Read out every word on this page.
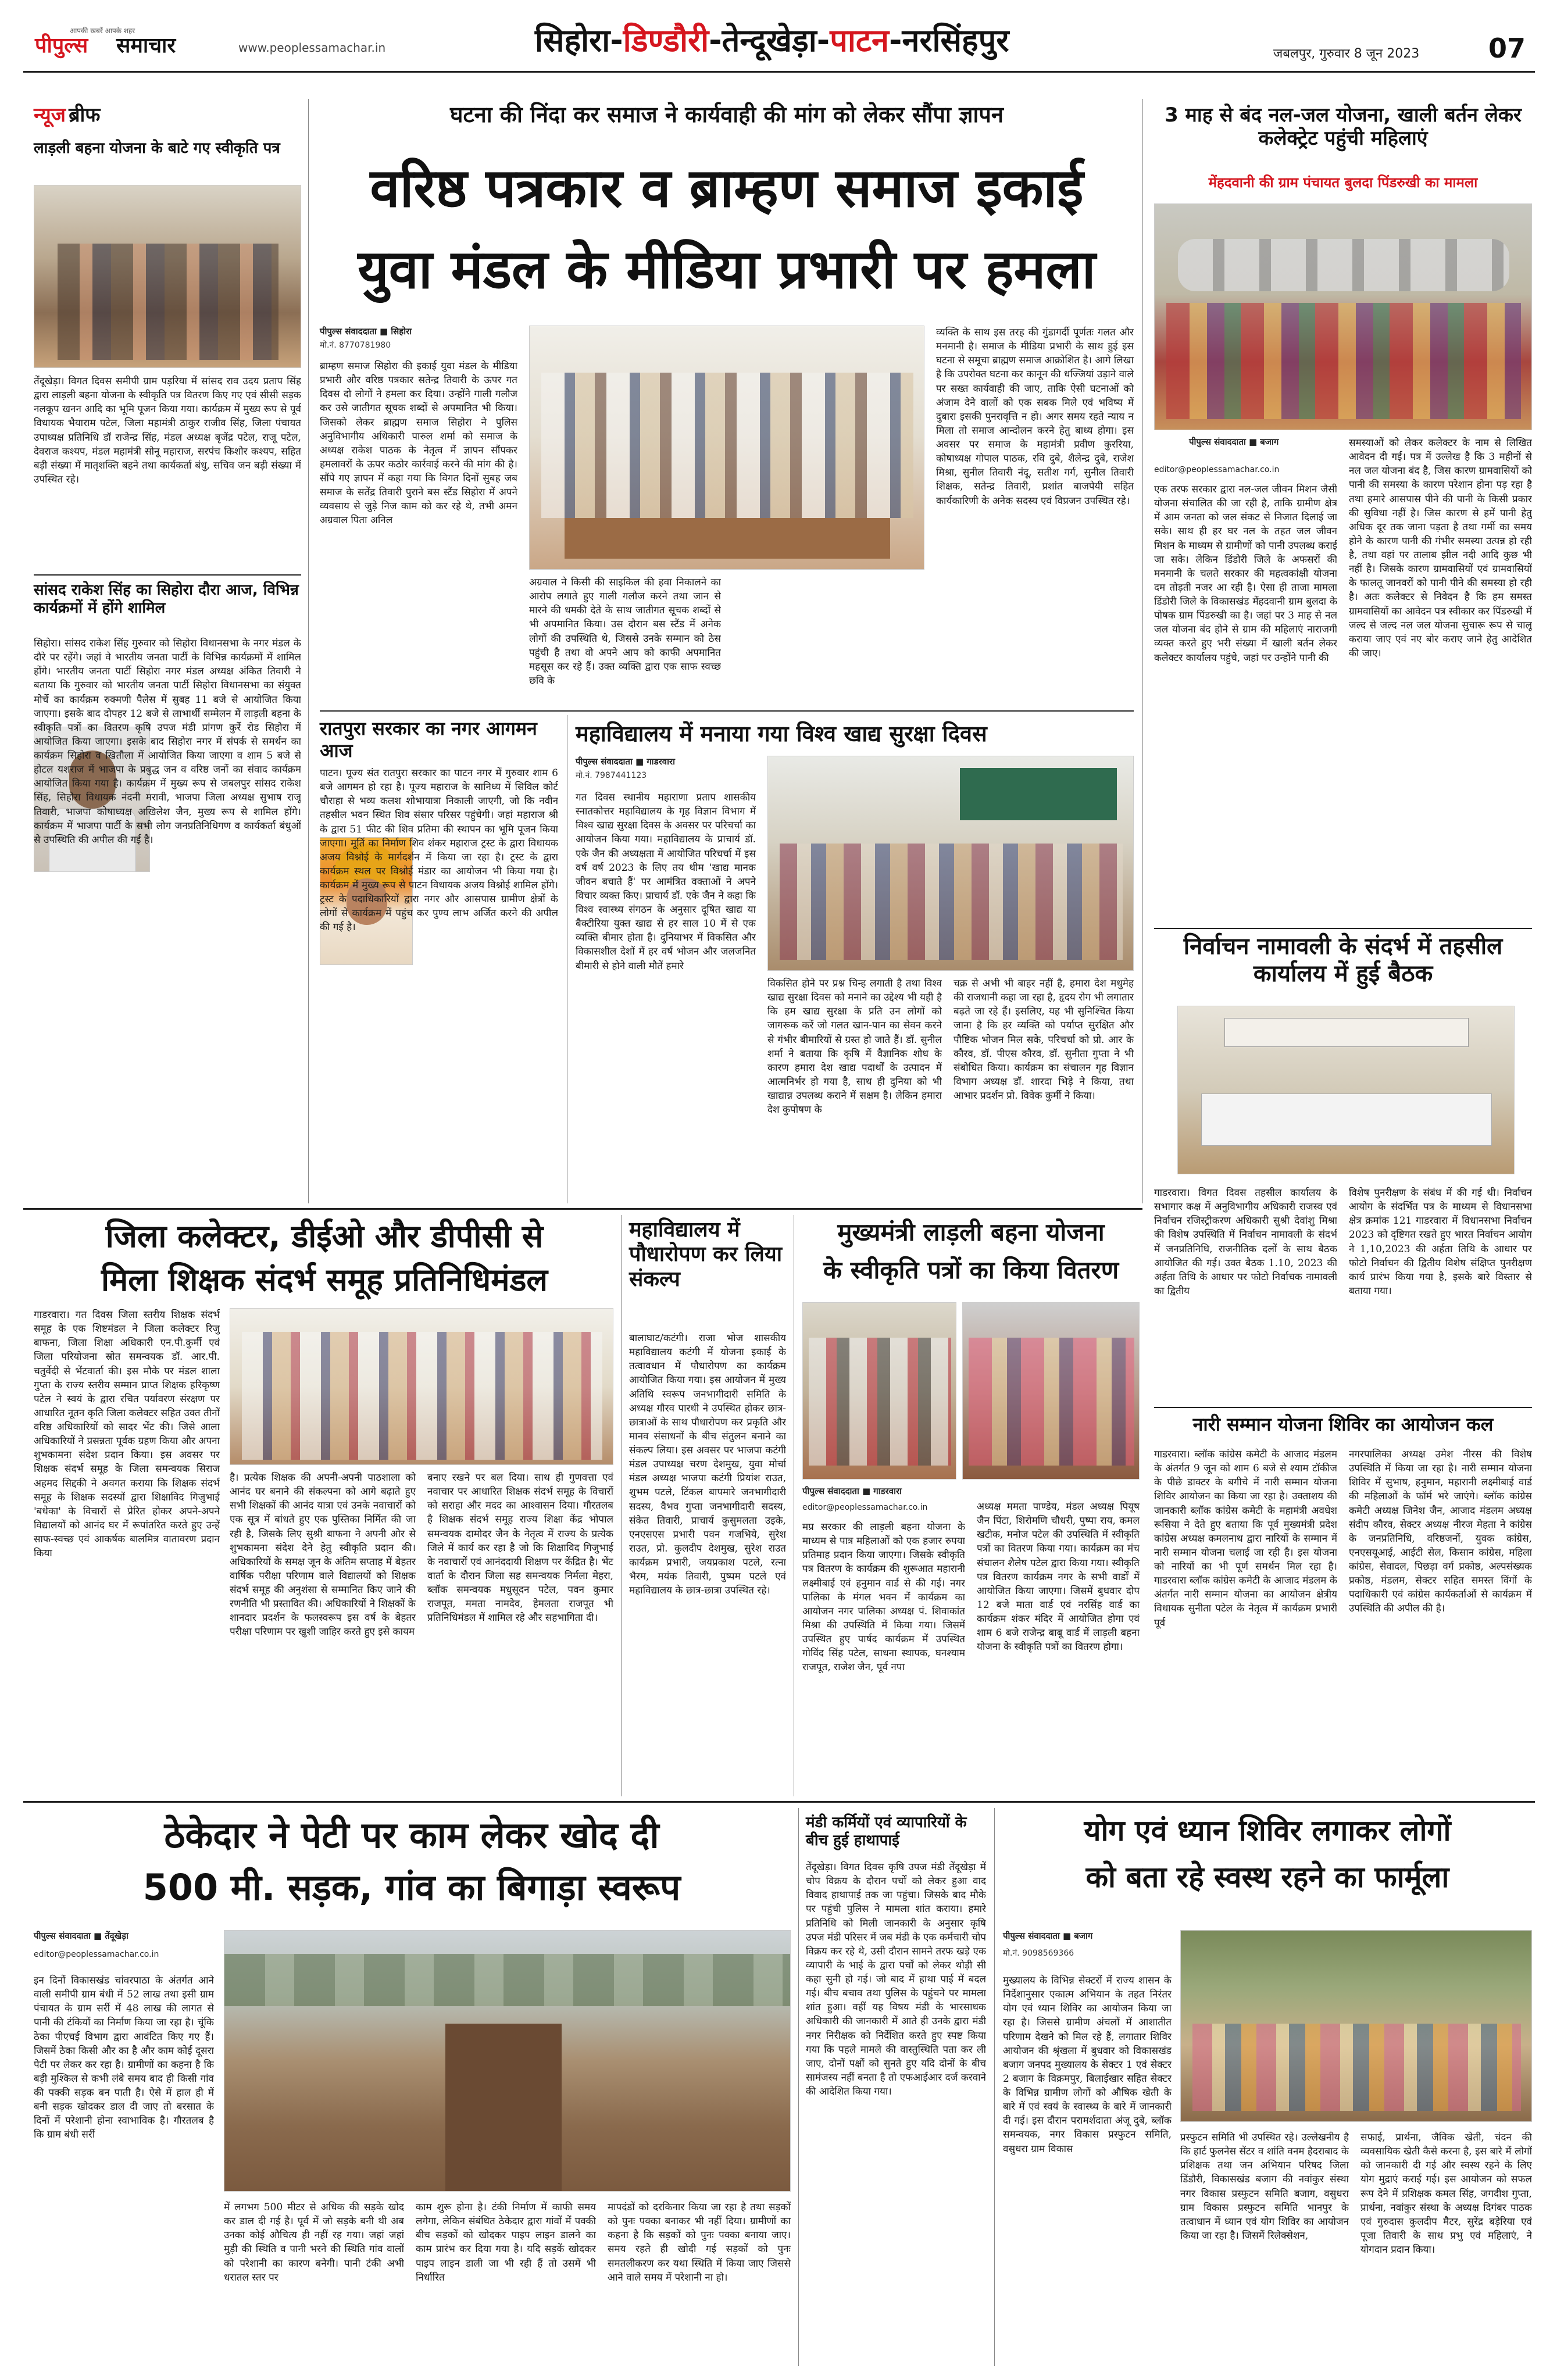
आपकी खबरें आपके शहर
पीपुल्स समाचार	www.peoplessamachar.in	सिहोरा-डिण्डौरी-तेन्दूखेड़ा-पाटन-नरसिंहपुर	जबलपुर, गुरुवार 8 जून 2023	07
न्यूज ब्रीफ
लाड़ली बहना योजना के बाटे गए स्वीकृति पत्र
तेंदूखेड़ा। विगत दिवस समीपी ग्राम पड़रिया में सांसद राव उदय प्रताप सिंह द्वारा लाड़ली बहना योजना के स्वीकृति पत्र वितरण किए गए एवं सीसी सड़क नलकूप खनन आदि का भूमि पूजन किया गया। कार्यक्रम में मुख्य रूप से पूर्व विधायक भैयाराम पटेल, जिला महामंत्री ठाकुर राजीव सिंह, जिला पंचायत उपाध्यक्ष प्रतिनिधि डॉ राजेन्द्र सिंह, मंडल अध्यक्ष बृजेंद्र पटेल, राजू पटेल, देवराज कश्यप, मंडल महामंत्री सोनू महाराज, सरपंच किशोर कश्यप, सहित बड़ी संख्या में मातृशक्ति बहने तथा कार्यकर्ता बंधु, सचिव जन बड़ी संख्या में उपस्थित रहे।
सांसद राकेश सिंह का सिहोरा दौरा आज, विभिन्न कार्यक्रमों में होंगे शामिल
सिहोरा। सांसद राकेश सिंह गुरुवार को सिहोरा विधानसभा के नगर मंडल के दौरे पर रहेंगे। जहां वे भारतीय जनता पार्टी के विभिन्न कार्यक्रमों में शामिल होंगे। भारतीय जनता पार्टी सिहोरा नगर मंडल अध्यक्ष अंकित तिवारी ने बताया कि गुरुवार को भारतीय जनता पार्टी सिहोरा विधानसभा का संयुक्त मोर्चे का कार्यक्रम रुक्मणी पैलेस में सुबह 11 बजे से आयोजित किया जाएगा। इसके बाद दोपहर 12 बजे से लाभार्थी सम्मेलन में लाड़ली बहना के स्वीकृति पत्रों का वितरण कृषि उपज मंडी प्रांगण कुर्रे रोड सिहोरा में आयोजित किया जाएगा। इसके बाद सिहोरा नगर में संपर्क से समर्थन का कार्यक्रम सिहोरा व खितौला में आयोजित किया जाएगा व शाम 5 बजे से होटल यशराज में भाजपा के प्रबुद्ध जन व वरिष्ठ जनों का संवाद कार्यक्रम आयोजित किया गया है। कार्यक्रम में मुख्य रूप से जबलपुर सांसद राकेश सिंह, सिहोरा विधायक नंदनी मरावी, भाजपा जिला अध्यक्ष सुभाष राजू तिवारी, भाजपा कोषाध्यक्ष अखिलेश जैन, मुख्य रूप से शामिल होंगे। कार्यक्रम में भाजपा पार्टी के सभी लोग जनप्रतिनिधिगण व कार्यकर्ता बंधुओं से उपस्थिति की अपील की गई है।
घटना की निंदा कर समाज ने कार्यवाही की मांग को लेकर सौंपा ज्ञापन
वरिष्ठ पत्रकार व ब्राम्हण समाज इकाई
युवा मंडल के मीडिया प्रभारी पर हमला
पीपुल्स संवाददाता ■ सिहोरा
मो.नं. 8770781980
ब्राम्हण समाज सिहोरा की इकाई युवा मंडल के मीडिया प्रभारी और वरिष्ठ पत्रकार सतेन्द्र तिवारी के ऊपर गत दिवस दो लोगों ने हमला कर दिया। उन्होंने गाली गलौज कर उसे जातीगत सूचक शब्दों से अपमानित भी किया। जिसको लेकर ब्राह्मण समाज सिहोरा ने पुलिस अनुविभागीय अधिकारी पारुल शर्मा को समाज के अध्यक्ष राकेश पाठक के नेतृत्व में ज्ञापन सौंपकर हमलावरों के ऊपर कठोर कार्रवाई करने की मांग की है। सौंपे गए ज्ञापन में कहा गया कि विगत दिनों सुबह जब समाज के सतेंद्र तिवारी पुराने बस स्टैंड सिहोरा में अपने व्यवसाय से जुड़े निज काम को कर रहे थे, तभी अमन अग्रवाल पिता अनिल
अग्रवाल ने किसी की साइकिल की हवा निकालने का आरोप लगाते हुए गाली गलौज करने तथा जान से मारने की धमकी देते के साथ जातीगत सूचक शब्दों से भी अपमानित किया। उस दौरान बस स्टैंड में अनेक लोगों की उपस्थिति थे, जिससे उनके सम्मान को ठेस पहुंची है तथा वो अपने आप को काफी अपमानित महसूस कर रहे हैं। उक्त व्यक्ति द्वारा एक साफ स्वच्छ छवि के
व्यक्ति के साथ इस तरह की गुंडागर्दी पूर्णतः गलत और मनमानी है। समाज के मीडिया प्रभारी के साथ हुई इस घटना से समूचा ब्राह्मण समाज आक्रोशित है। आगे लिखा है कि उपरोक्त घटना कर कानून की धज्जियां उड़ाने वाले पर सख्त कार्यवाही की जाए, ताकि ऐसी घटनाओं को अंजाम देने वालों को एक सबक मिले एवं भविष्य में दुबारा इसकी पुनरावृत्ति न हो। अगर समय रहते न्याय न मिला तो समाज आन्दोलन करने हेतु बाध्य होगा। इस अवसर पर समाज के महामंत्री प्रवीण कुररिया, कोषाध्यक्ष गोपाल पाठक, रवि दुबे, शैलेन्द्र दुबे, राजेश मिश्रा, सुनील तिवारी नंदू, सतीश गर्ग, सुनील तिवारी शिक्षक, सतेन्द्र तिवारी, प्रशांत बाजपेयी सहित कार्यकारिणी के अनेक सदस्य एवं विप्रजन उपस्थित रहे।
रातपुरा सरकार का नगर आगमन आज
पाटन। पूज्य संत रातपुरा सरकार का पाटन नगर में गुरुवार शाम 6 बजे आगमन हो रहा है। पूज्य महाराज के सानिध्य में सिविल कोर्ट चौराहा से भव्य कलश शोभायात्रा निकाली जाएगी, जो कि नवीन तहसील भवन स्थित शिव संसार परिसर पहुंचेगी। जहां महाराज श्री के द्वारा 51 फीट की शिव प्रतिमा की स्थापन का भूमि पूजन किया जाएगा। मूर्ति का निर्माण शिव शंकर महाराज ट्रस्ट के द्वारा विधायक अजय विश्नोई के मार्गदर्शन में किया जा रहा है। ट्रस्ट के द्वारा कार्यक्रम स्थल पर विश्नोई मंडार का आयोजन भी किया गया है। कार्यक्रम में मुख्य रूप से पाटन विधायक अजय विश्नोई शामिल होंगे। ट्रस्ट के पदाधिकारियों द्वारा नगर और आसपास ग्रामीण क्षेत्रों के लोगों से कार्यक्रम में पहुंच कर पुण्य लाभ अर्जित करने की अपील की गई है।
महाविद्यालय में मनाया गया विश्व खाद्य सुरक्षा दिवस
पीपुल्स संवाददाता ■ गाडरवारा
मो.नं. 7987441123
गत दिवस स्थानीय महाराणा प्रताप शासकीय स्नातकोत्तर महाविद्यालय के गृह विज्ञान विभाग में विश्व खाद्य सुरक्षा दिवस के अवसर पर परिचर्चा का आयोजन किया गया। महाविद्यालय के प्राचार्य डॉ. एके जैन की अध्यक्षता में आयोजित परिचर्चा में इस वर्ष वर्ष 2023 के लिए तय थीम 'खाद्य मानक जीवन बचाते हैं' पर आमंत्रित वक्ताओं ने अपने विचार व्यक्त किए। प्राचार्य डॉ. एके जैन ने कहा कि विश्व स्वास्थ्य संगठन के अनुसार दूषित खाद्य या बैक्टीरिया युक्त खाद्य से हर साल 10 में से एक व्यक्ति बीमार होता है। दुनियाभर में विकसित और विकासशील देशों में हर वर्ष भोजन और जलजनित बीमारी से होने वाली मौतें हमारे
विकसित होने पर प्रश्न चिन्ह लगाती है तथा विश्व खाद्य सुरक्षा दिवस को मनाने का उद्देश्य भी यही है कि हम खाद्य सुरक्षा के प्रति उन लोगों को जागरूक करें जो गलत खान-पान का सेवन करने से गंभीर बीमारियों से ग्रस्त हो जाते हैं। डॉ. सुनील शर्मा ने बताया कि कृषि में वैज्ञानिक शोध के कारण हमारा देश खाद्य पदार्थों के उत्पादन में आत्मनिर्भर हो गया है, साथ ही दुनिया को भी खाद्यान्न उपलब्ध कराने में सक्षम है। लेकिन हमारा देश कुपोषण के
चक्र से अभी भी बाहर नहीं है, हमारा देश मधुमेह की राजधानी कहा जा रहा है, हृदय रोग भी लगातार बढ़ते जा रहे हैं। इसलिए, यह भी सुनिश्चित किया जाना है कि हर व्यक्ति को पर्याप्त सुरक्षित और पौष्टिक भोजन मिल सके, परिचर्चा को प्रो. आर के कौरव, डॉ. पीएस कौरव, डॉ. सुनीता गुप्ता ने भी संबोधित किया। कार्यक्रम का संचालन गृह विज्ञान विभाग अध्यक्ष डॉ. शारदा भिड़े ने किया, तथा आभार प्रदर्शन प्रो. विवेक कुर्मी ने किया।
3 माह से बंद नल-जल योजना, खाली बर्तन लेकर कलेक्ट्रेट पहुंची महिलाएं
मेंहदवानी की ग्राम पंचायत बुलदा पिंडरुखी का मामला
पीपुल्स संवाददाता ■ बजाग
editor@peoplessamachar.co.in
एक तरफ सरकार द्वारा नल-जल जीवन मिशन जैसी योजना संचालित की जा रही है, ताकि ग्रामीण क्षेत्र में आम जनता को जल संकट से निजात दिलाई जा सके। साथ ही हर घर नल के तहत जल जीवन मिशन के माध्यम से ग्रामीणों को पानी उपलब्ध कराई जा सके। लेकिन डिंडोरी जिले के अफसरों की मनमानी के चलते सरकार की महत्वकांक्षी योजना दम तोड़ती नजर आ रही है। ऐसा ही ताजा मामला डिंडोरी जिले के विकासखंड मेंहदवानी ग्राम बुलदा के पोषक ग्राम पिंडरुखी का है। जहां पर 3 माह से नल जल योजना बंद होने से ग्राम की महिलाएं नाराजगी व्यक्त करते हुए भरी संख्या में खाली बर्तन लेकर कलेक्टर कार्यालय पहुंचे, जहां पर उन्होंने पानी की
समस्याओं को लेकर कलेक्टर के नाम से लिखित आवेदन दी गई। पत्र में उल्लेख है कि 3 महीनों से नल जल योजना बंद है, जिस कारण ग्रामवासियों को पानी की समस्या के कारण परेशान होना पड़ रहा है तथा हमारे आसपास पीने की पानी के किसी प्रकार की सुविधा नहीं है। जिस कारण से हमें पानी हेतु अधिक दूर तक जाना पड़ता है तथा गर्मी का समय होने के कारण पानी की गंभीर समस्या उत्पन्न हो रही है, तथा वहां पर तालाब झील नदी आदि कुछ भी नहीं है। जिसके कारण ग्रामवासियों एवं ग्रामवासियों के फालतू जानवरों को पानी पीने की समस्या हो रही है। अतः कलेक्टर से निवेदन है कि हम समस्त ग्रामवासियों का आवेदन पत्र स्वीकार कर पिंडरुखी में जल्द से जल्द नल जल योजना सुचारू रूप से चालू कराया जाए एवं नए बोर कराए जाने हेतु आदेशित की जाए।
निर्वाचन नामावली के संदर्भ में तहसील कार्यालय में हुई बैठक
गाडरवारा। विगत दिवस तहसील कार्यालय के सभागार कक्ष में अनुविभागीय अधिकारी राजस्व एवं निर्वाचन रजिस्ट्रीकरण अधिकारी सुश्री देवांशु मिश्रा की विशेष उपस्थिति में निर्वाचन नामावली के संदर्भ में जनप्रतिनिधि, राजनीतिक दलों के साथ बैठक आयोजित की गई। उक्त बैठक 1.10, 2023 की अर्हता तिथि के आधार पर फोटो निर्वाचक नामावली का द्वितीय
विशेष पुनरीक्षण के संबंध में की गई थी। निर्वाचन आयोग के संदर्भित पत्र के माध्यम से विधानसभा क्षेत्र क्रमांक 121 गाडरवारा में विधानसभा निर्वाचन 2023 को दृष्टिगत रखते हुए भारत निर्वाचन आयोग ने 1,10,2023 की अर्हता तिथि के आधार पर फोटो निर्वाचन की द्वितीय विशेष संक्षिप्त पुनरीक्षण कार्य प्रारंभ किया गया है, इसके बारे विस्तार से बताया गया।
नारी सम्मान योजना शिविर का आयोजन कल
गाडरवारा। ब्लॉक कांग्रेस कमेटी के आजाद मंडलम के अंतर्गत 9 जून को शाम 6 बजे से श्याम टॉकीज के पीछे डाक्टर के बगीचे में नारी सम्मान योजना शिविर आयोजन का किया जा रहा है। उक्ताशय की जानकारी ब्लॉक कांग्रेस कमेटी के महामंत्री अवधेश रूसिया ने देते हुए बताया कि पूर्व मुख्यमंत्री प्रदेश कांग्रेस अध्यक्ष कमलनाथ द्वारा नारियों के सम्मान में नारी सम्मान योजना चलाई जा रही है। इस योजना को नारियों का भी पूर्ण समर्थन मिल रहा है। गाडरवारा ब्लॉक कांग्रेस कमेटी के आजाद मंडलम के अंतर्गत नारी सम्मान योजना का आयोजन क्षेत्रीय विधायक सुनीता पटेल के नेतृत्व में कार्यक्रम प्रभारी पूर्व
नगरपालिका अध्यक्ष उमेश नीरस की विशेष उपस्थिति में किया जा रहा है। नारी सम्मान योजना शिविर में सुभाष, हनुमान, महारानी लक्ष्मीबाई वार्ड की महिलाओं के फॉर्म भरे जाएंगे। ब्लॉक कांग्रेस कमेटी अध्यक्ष जिनेश जैन, आजाद मंडलम अध्यक्ष संदीप कौरव, सेक्टर अध्यक्ष नीरज मेहता ने कांग्रेस के जनप्रतिनिधि, वरिष्ठजनों, युवक कांग्रेस, एनएसयूआई, आईटी सेल, किसान कांग्रेस, महिला कांग्रेस, सेवादल, पिछड़ा वर्ग प्रकोष्ठ, अल्पसंख्यक प्रकोष्ठ, मंडलम, सेक्टर सहित समस्त विंगों के पदाधिकारी एवं कांग्रेस कार्यकर्ताओं से कार्यक्रम में उपस्थिति की अपील की है।
जिला कलेक्टर, डीईओ और डीपीसी से
मिला शिक्षक संदर्भ समूह प्रतिनिधिमंडल
गाडरवारा। गत दिवस जिला स्तरीय शिक्षक संदर्भ समूह के एक शिष्टमंडल ने जिला कलेक्टर रिजु बाफना, जिला शिक्षा अधिकारी एन.पी.कुर्मी एवं जिला परियोजना स्रोत समन्वयक डॉ. आर.पी. चतुर्वेदी से भेंटवार्ता की। इस मौके पर मंडल शाला गुप्ता के राज्य स्तरीय सम्मान प्राप्त शिक्षक हरिकृष्ण पटेल ने स्वयं के द्वारा रचित पर्यावरण संरक्षण पर आधारित नूतन कृति जिला कलेक्टर सहित उक्त तीनों वरिष्ठ अधिकारियों को सादर भेंट की। जिसे आला अधिकारियों ने प्रसन्नता पूर्वक ग्रहण किया और अपना शुभकामना संदेश प्रदान किया। इस अवसर पर शिक्षक संदर्भ समूह के जिला समन्वयक सिराज अहमद सिद्दकी ने अवगत कराया कि शिक्षक संदर्भ समूह के शिक्षक सदस्यों द्वारा शिक्षाविद गिजुभाई 'बधेका' के विचारों से प्रेरित होकर अपने-अपने विद्यालयों को आनंद घर में रूपांतरित करते हुए उन्हें साफ-स्वच्छ एवं आकर्षक बालमित्र वातावरण प्रदान किया
है। प्रत्येक शिक्षक की अपनी-अपनी पाठशाला को आनंद घर बनाने की संकल्पना को आगे बढ़ाते हुए सभी शिक्षकों की आनंद यात्रा एवं उनके नवाचारों को एक सूत्र में बांधते हुए एक पुस्तिका निर्मित की जा रही है, जिसके लिए सुश्री बाफना ने अपनी ओर से शुभकामना संदेश देने हेतु स्वीकृति प्रदान की। अधिकारियों के समक्ष जून के अंतिम सप्ताह में बेहतर वार्षिक परीक्षा परिणाम वाले विद्यालयों को शिक्षक संदर्भ समूह की अनुशंसा से सम्मानित किए जाने की रणनीति भी प्रस्तावित की। अधिकारियों ने शिक्षकों के शानदार प्रदर्शन के फलस्वरूप इस वर्ष के बेहतर परीक्षा परिणाम पर खुशी जाहिर करते हुए इसे कायम
बनाए रखने पर बल दिया। साथ ही गुणवत्ता एवं नवाचार पर आधारित शिक्षक संदर्भ समूह के विचारों को सराहा और मदद का आश्वासन दिया। गौरतलब है शिक्षक संदर्भ समूह राज्य शिक्षा केंद्र भोपाल समन्वयक दामोदर जैन के नेतृत्व में राज्य के प्रत्येक जिले में कार्य कर रहा है जो कि शिक्षाविद गिजुभाई के नवाचारों एवं आनंददायी शिक्षण पर केंद्रित है। भेंट वार्ता के दौरान जिला सह समन्वयक निर्मला मेहरा, ब्लॉक समन्वयक मधुसूदन पटेल, पवन कुमार राजपूत, ममता नामदेव, हेमलता राजपूत भी प्रतिनिधिमंडल में शामिल रहे और सहभागिता दी।
महाविद्यालय में पौधारोपण कर लिया संकल्प
बालाघाट/कटंगी। राजा भोज शासकीय महाविद्यालय कटंगी में योजना इकाई के तत्वावधान में पौधारोपण का कार्यक्रम आयोजित किया गया। इस आयोजन में मुख्य अतिथि स्वरूप जनभागीदारी समिति के अध्यक्ष गौरव पारधी ने उपस्थित होकर छात्र-छात्राओं के साथ पौधारोपण कर प्रकृति और मानव संसाधनों के बीच संतुलन बनाने का संकल्प लिया। इस अवसर पर भाजपा कटंगी मंडल उपाध्यक्ष चरण देशमुख, युवा मोर्चा मंडल अध्यक्ष भाजपा कटंगी प्रियांश राउत, शुभम पटले, टिंकल बापमारे जनभागीदारी सदस्य, वैभव गुप्ता जनभागीदारी सदस्य, संकेत तिवारी, प्राचार्य कुसुमलता उइके, एनएसएस प्रभारी पवन गजभिये, सुरेश राउत, प्रो. कुलदीप देशमुख, सुरेश राउत कार्यक्रम प्रभारी, जयप्रकाश पटले, रत्ना भैरम, मयंक तिवारी, पुष्पम पटले एवं महाविद्यालय के छात्र-छात्रा उपस्थित रहे।
मुख्यमंत्री लाड़ली बहना योजना
के स्वीकृति पत्रों का किया वितरण
पीपुल्स संवाददाता ■ गाडरवारा
editor@peoplessamachar.co.in
मप्र सरकार की लाड़ली बहना योजना के माध्यम से पात्र महिलाओं को एक हजार रुपया प्रतिमाह प्रदान किया जाएगा। जिसके स्वीकृति पत्र वितरण के कार्यक्रम की शुरूआत महारानी लक्ष्मीबाई एवं हनुमान वार्ड से की गई। नगर पालिका के मंगल भवन में कार्यक्रम का आयोजन नगर पालिका अध्यक्ष पं. शिवाकांत मिश्रा की उपस्थिति में किया गया। जिसमें उपस्थित हुए पार्षद कार्यक्रम में उपस्थित गोविंद सिंह पटेल, साधना स्थापक, घनश्याम राजपूत, राजेश जैन, पूर्व नपा
अध्यक्ष ममता पाण्डेय, मंडल अध्यक्ष पियूष जैन पिंटा, शिरोमणि चौधरी, पुष्पा राय, कमल खटीक, मनोज पटेल की उपस्थिति में स्वीकृति पत्रों का वितरण किया गया। कार्यक्रम का मंच संचालन शैलेष पटेल द्वारा किया गया। स्वीकृति पत्र वितरण कार्यक्रम नगर के सभी वार्डों में आयोजित किया जाएगा। जिसमें बुधवार दोप 12 बजे माता वार्ड एवं नरसिंह वार्ड का कार्यक्रम शंकर मंदिर में आयोजित होगा एवं शाम 6 बजे राजेन्द्र बाबू वार्ड में लाड़ली बहना योजना के स्वीकृति पत्रों का वितरण होगा।
ठेकेदार ने पेटी पर काम लेकर खोद दी
500 मी. सड़क, गांव का बिगाड़ा स्वरूप
पीपुल्स संवाददाता ■ तेंदूखेड़ा
editor@peoplessamachar.co.in
इन दिनों विकासखंड चांवरपाठा के अंतर्गत आने वाली समीपी ग्राम बंधी में 52 लाख तथा इसी ग्राम पंचायत के ग्राम सर्री में 48 लाख की लागत से पानी की टंकियों का निर्माण किया जा रहा है। चूंकि ठेका पीएचई विभाग द्वारा आवंटित किए गए हैं। जिसमें ठेका किसी और का है और काम कोई दूसरा पेटी पर लेकर कर रहा है। ग्रामीणों का कहना है कि बड़ी मुश्किल से कभी लंबे समय बाद ही किसी गांव की पक्की सड़क बन पाती है। ऐसे में हाल ही में बनी सड़क खोदकर डाल दी जाए तो बरसात के दिनों में परेशानी होना स्वाभाविक है। गौरतलब है कि ग्राम बंधी सर्री
में लगभग 500 मीटर से अधिक की सड़के खोद कर डाल दी गई है। पूर्व में जो सड़के बनी थी अब उनका कोई औचित्य ही नहीं रह गया। जहां जहां मुड़ी की स्थिति व पानी भरने की स्थिति गांव वालों को परेशानी का कारण बनेगी। पानी टंकी अभी धरातल स्तर पर
काम शुरू होना है। टंकी निर्माण में काफी समय लगेगा, लेकिन संबंधित ठेकेदार द्वारा गांवों में पक्की बीच सड़कों को खोदकर पाइप लाइन डालने का काम प्रारंभ कर दिया गया है। यदि सड़कें खोदकर पाइप लाइन डाली जा भी रही हैं तो उसमें भी निर्धारित
मापदंडों को दरकिनार किया जा रहा है तथा सड़कों को पुनः पक्का बनाकर भी नहीं दिया। ग्रामीणों का कहना है कि सड़कों को पुनः पक्का बनाया जाए। समय रहते ही खोदी गई सड़कों को पुनः समतलीकरण कर यथा स्थिति में किया जाए जिससे आने वाले समय में परेशानी ना हो।
मंडी कर्मियों एवं व्यापारियों के बीच हुई हाथापाई
तेंदूखेड़ा। विगत दिवस कृषि उपज मंडी तेंदूखेड़ा में चोप विक्रय के दौरान पर्चों को लेकर हुआ वाद विवाद हाथापाई तक जा पहुंचा। जिसके बाद मौके पर पहुंची पुलिस ने मामला शांत कराया। हमारे प्रतिनिधि को मिली जानकारी के अनुसार कृषि उपज मंडी परिसर में जब मंडी के एक कर्मचारी चोप विक्रय कर रहे थे, उसी दौरान सामने तरफ खड़े एक व्यापारी के भाई के द्वारा पर्चों को लेकर थोड़ी सी कहा सुनी हो गई। जो बाद में हाथा पाई में बदल गई। बीच बचाव तथा पुलिस के पहुंचने पर मामला शांत हुआ। वहीं यह विषय मंडी के भारसाधक अधिकारी की जानकारी में आते ही उनके द्वारा मंडी नगर निरीक्षक को निर्देशित करते हुए स्पष्ट किया गया कि पहले मामले की वास्तुस्थिति पता कर ली जाए, दोनों पक्षों को सुनते हुए यदि दोनों के बीच सामंजस्य नहीं बनता है तो एफआईआर दर्ज करवाने की आदेशित किया गया।
योग एवं ध्यान शिविर लगाकर लोगों
को बता रहे स्वस्थ रहने का फार्मूला
पीपुल्स संवाददाता ■ बजाग
मो.नं. 9098569366
मुख्यालय के विभिन्न सेक्टरों में राज्य शासन के निर्देशानुसार एकात्म अभियान के तहत निरंतर योग एवं ध्यान शिविर का आयोजन किया जा रहा है। जिससे ग्रामीण अंचलों में आशातीत परिणाम देखने को मिल रहे हैं, लगातार शिविर आयोजन की श्रृंखला में बुधवार को विकासखंड बजाग जनपद मुख्यालय के सेक्टर 1 एवं सेक्टर 2 बजाग के विक्रमपुर, बिलाईखार सहित सेक्टर के विभिन्न ग्रामीण लोगों को औषिक खेती के बारे में एवं स्वयं के स्वास्थ्य के बारे में जानकारी दी गई। इस दौरान परामर्शदाता अंजू दुबे, ब्लॉक समन्वयक, नगर विकास प्रस्फुटन समिति, वसुधरा ग्राम विकास
प्रस्फुटन समिति भी उपस्थित रहे। उल्लेखनीय है कि हार्ट फुलनेस सेंटर व शांति वनम हैदराबाद के प्रशिक्षक तथा जन अभियान परिषद जिला डिंडौरी, विकासखंड बजाग की नवांकुर संस्था नगर विकास प्रस्फुटन समिति बजाग, वसुधरा ग्राम विकास प्रस्फुटन समिति भानपुर के तत्वाधान में ध्यान एवं योग शिविर का आयोजन किया जा रहा है। जिसमें रिलेक्सेशन,
सफाई, प्रार्थना, जैविक खेती, चंदन की व्यवसायिक खेती कैसे करना है, इस बारे में लोगों को जानकारी दी गई और स्वस्थ रहने के लिए योग मुद्राएं कराई गई। इस आयोजन को सफल रूप देने में प्रशिक्षक कमल सिंह, जगदीश गुप्ता, प्रार्थना, नवांकुर संस्था के अध्यक्ष दिगंबर पाठक एवं गुरुदास कुलदीप मैटर, सुरेंद्र बड़ेरिया एवं पूजा तिवारी के साथ प्रभु एवं महिलाएं, ने योगदान प्रदान किया।
